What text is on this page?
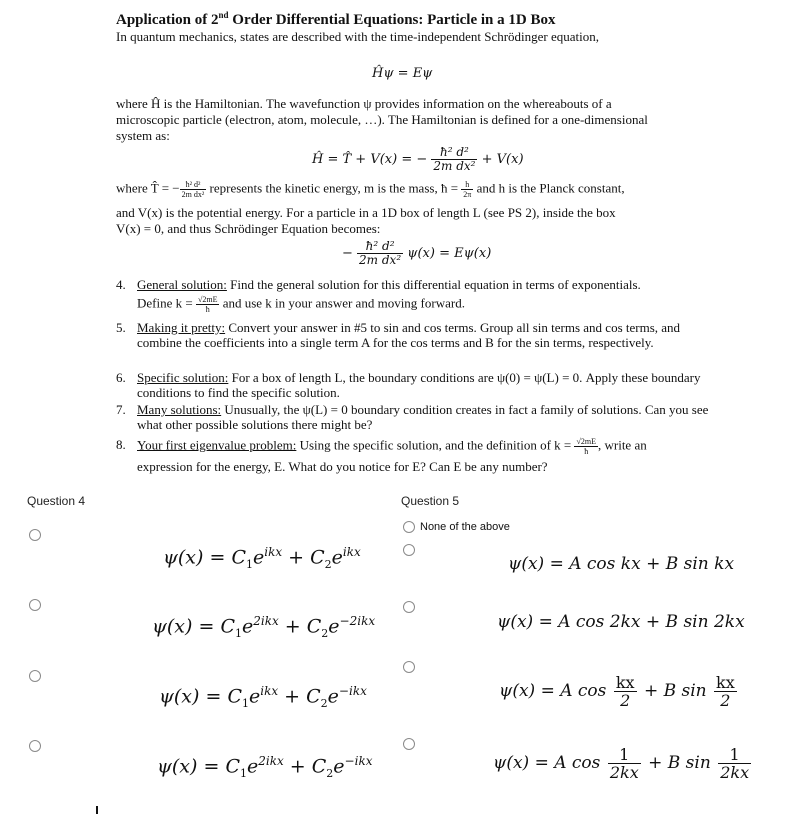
Application of 2nd Order Differential Equations: Particle in a 1D Box
In quantum mechanics, states are described with the time-independent Schrödinger equation,
Ĥψ = Eψ
where Ĥ is the Hamiltonian. The wavefunction ψ provides information on the whereabouts of a
microscopic particle (electron, atom, molecule, …). The Hamiltonian is defined for a one-dimensional
system as:
Ĥ = T̂ + V(x) = − $\frac{\text{ħ² d²}}{\text{2m dx²}} + V(x)$
where T̂ = − $\frac{\text{ħ² d²}}{\text{2m dx²}}$ represents the kinetic energy, m is the mass, ħ = $\frac{h}{2\pi}$ and h is the Planck constant,
and V(x) is the potential energy. For a particle in a 1D box of length L (see PS 2), inside the box
V(x) = 0, and thus Schrödinger Equation becomes:
− $\frac{\text{ħ² d²}}{\text{2m dx²}} \psi(x) = E\psi(x)$
4. General solution: Find the general solution for this differential equation in terms of exponentials.
Define $k = \frac{√2mE}{ħ}$ and use k in your answer and moving forward.
5. Making it pretty: Convert your answer in #5 to sin and cos terms. Group all sin terms and cos terms, and combine the coefficients into a single term A for the cos terms and B for the sin terms, respectively.
6. Specific solution: For a box of length L, the boundary conditions are ψ(0) = ψ(L) = 0. Apply these boundary conditions to find the specific solution.
7. Many solutions: Unusually, the ψ(L) = 0 boundary condition creates in fact a family of solutions. Can you see what other possible solutions there might be?
8. Your first eigenvalue problem: Using the specific solution, and the definition of $k = \frac{√2mE}{ħ}$ , write an
expression for the energy, E. What do you notice for E? Can E be any number?
Question 4	Question 5
$\psi(x) = C_1e^{ikx} + C_2e^{ikx}$
$\psi(x) = C_1e^{2ikx} + C_2e^{-2ikx}$
$\psi(x) = C_1e^{ikx} + C_2e^{-ikx}$
$\psi(x) = C_1e^{2ikx} + C_2e^{-ikx}$
None of the above
ψ(x) = A cos kx + B sin kx
ψ(x) = A cos 2kx + B sin 2kx
ψ(x) = A $\cos \frac{kx}{2} + B$ $\sin \frac{kx}{2}$
ψ(x) = A $\cos \frac{1}{2kx} + B$ $\sin \frac{1}{2kx}$
